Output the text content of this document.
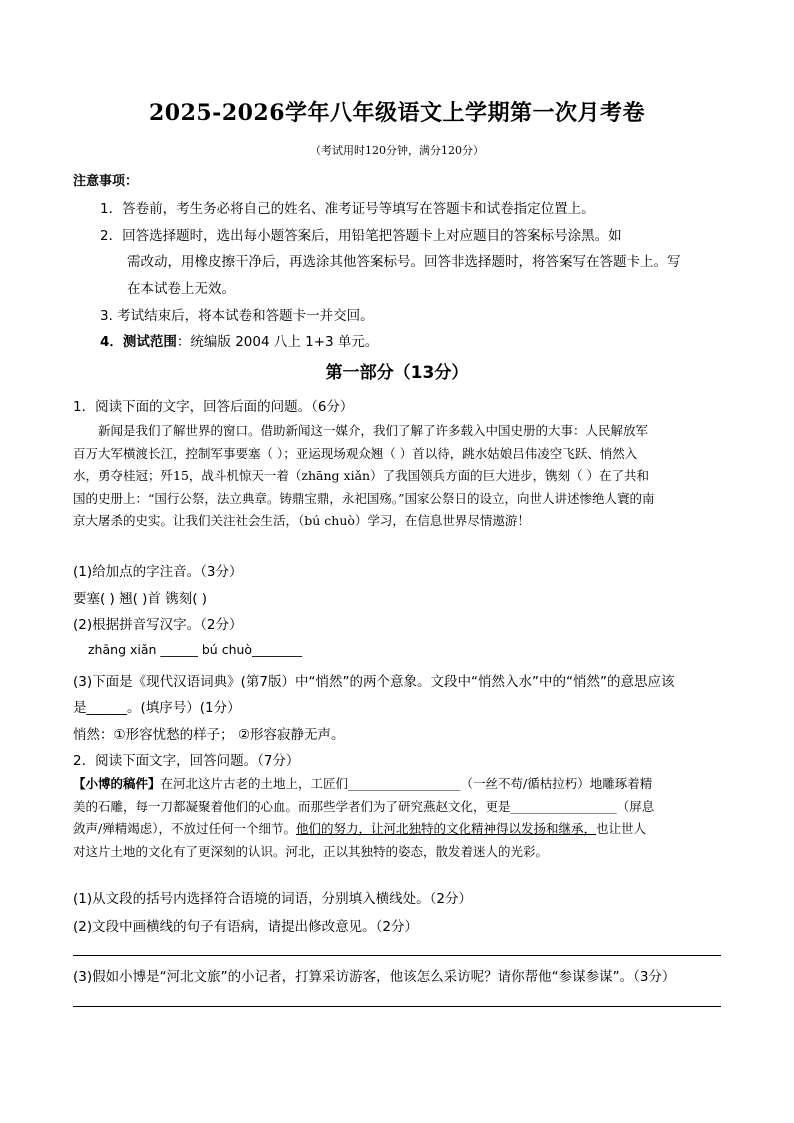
2025-2026学年八年级语文上学期第一次月考卷
（考试用时120分钟，满分120分）
注意事项：
1．答卷前，考生务必将自己的姓名、准考证号等填写在答题卡和试卷指定位置上。
2．回答选择题时，选出每小题答案后，用铅笔把答题卡上对应题目的答案标号涂黑。如
需改动，用橡皮擦干净后，再选涂其他答案标号。回答非选择题时，将答案写在答题卡上。写
在本试卷上无效。
3. 考试结束后，将本试卷和答题卡一并交回。
4．测试范围：统编版 2004 八上 1+3 单元。
第一部分（13分）
1．阅读下面的文字，回答后面的问题。（6分）

新闻是我们了解世界的窗口。借助新闻这一媒介，我们了解了许多载入中国史册的大事：人民解放军

百万大军横渡长江，控制军事要塞（ ）；亚运现场观众翘（ ）首以待，跳水姑娘吕伟凌空飞跃、悄然入

水，勇夺桂冠；歼15，战斗机惊天一着（zhāng xiǎn）了我国领兵方面的巨大进步，镌刻（ ）在了共和

国的史册上：“国行公祭，法立典章。铸鼎宝鼎，永祀国殇。”国家公祭日的设立，向世人讲述惨绝人寰的南

京大屠杀的史实。让我们关注社会生活，（bú chuò）学习，在信息世界尽情遨游！

(1)给加点的字注音。（3分）
要塞( ) 翘( )首 镌刻( )
(2)根据拼音写汉字。（2分）
zhāng xiǎn ______ bú chuò________
(3)下面是《现代汉语词典》(第7版）中“悄然”的两个意象。文段中“悄然入水”中的“悄然”的意思应该
是______。(填序号）(1分）
悄然：①形容忧愁的样子； ②形容寂静无声。
2．阅读下面文字，回答问题。（7分）

【小博的稿件】在河北这片古老的土地上，工匠们__________________（一丝不苟/循枯拉朽）地雕琢着精

美的石雕，每一刀都凝聚着他们的心血。而那些学者们为了研究燕赵文化，更是_________________（屏息

敛声/殚精竭虑），不放过任何一个细节。他们的努力，让河北独特的文化精神得以发扬和继承，也让世人

对这片土地的文化有了更深刻的认识。河北，正以其独特的姿态，散发着迷人的光彩。

(1)从文段的括号内选择符合语境的词语，分别填入横线处。（2分）
(2)文段中画横线的句子有语病，请提出修改意见。（2分）
(3)假如小博是“河北文旅”的小记者，打算采访游客，他该怎么采访呢？请你帮他“参谋参谋”。（3分）
